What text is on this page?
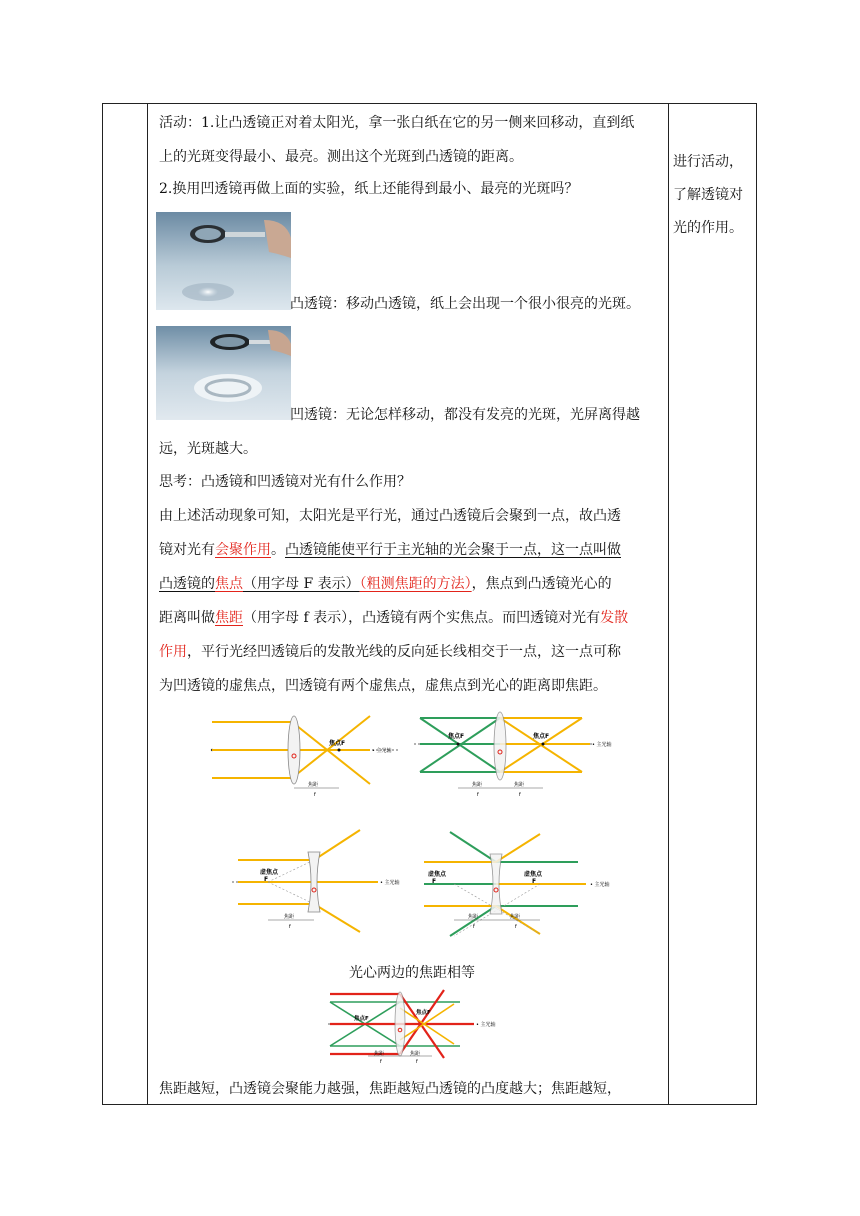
活动：1.让凸透镜正对着太阳光，拿一张白纸在它的另一侧来回移动，直到纸
上的光斑变得最小、最亮。测出这个光斑到凸透镜的距离。
2.换用凹透镜再做上面的实验，纸上还能得到最小、最亮的光斑吗？
凸透镜：移动凸透镜，纸上会出现一个很小很亮的光斑。
凹透镜：无论怎样移动，都没有发亮的光斑，光屏离得越
远，光斑越大。
思考：凸透镜和凹透镜对光有什么作用？
由上述活动现象可知，太阳光是平行光，通过凸透镜后会聚到一点，故凸透
镜对光有会聚作用。凸透镜能使平行于主光轴的光会聚于一点，这一点叫做
凸透镜的焦点（用字母 F 表示）（粗测焦距的方法），焦点到凸透镜光心的
距离叫做焦距（用字母 f 表示），凸透镜有两个实焦点。而凹透镜对光有发散
作用，平行光经凹透镜后的发散光线的反向延长线相交于一点，这一点可称
为凹透镜的虚焦点，凹透镜有两个虚焦点，虚焦点到光心的距离即焦距。
焦点F
• 主光轴
焦距
f
焦点F	焦点F
• 主光轴
焦距	焦距
f	f
虚焦点
F	• 主光轴
焦距
f
虚焦点
F
虚焦点
F	• 主光轴
焦距	焦距
f	f
光心两边的焦距相等
焦点F
焦点F
• 主光轴
焦距	焦距
f	f
焦距越短，凸透镜会聚能力越强，焦距越短凸透镜的凸度越大；焦距越短，
进行活动，
了解透镜对
光的作用。
